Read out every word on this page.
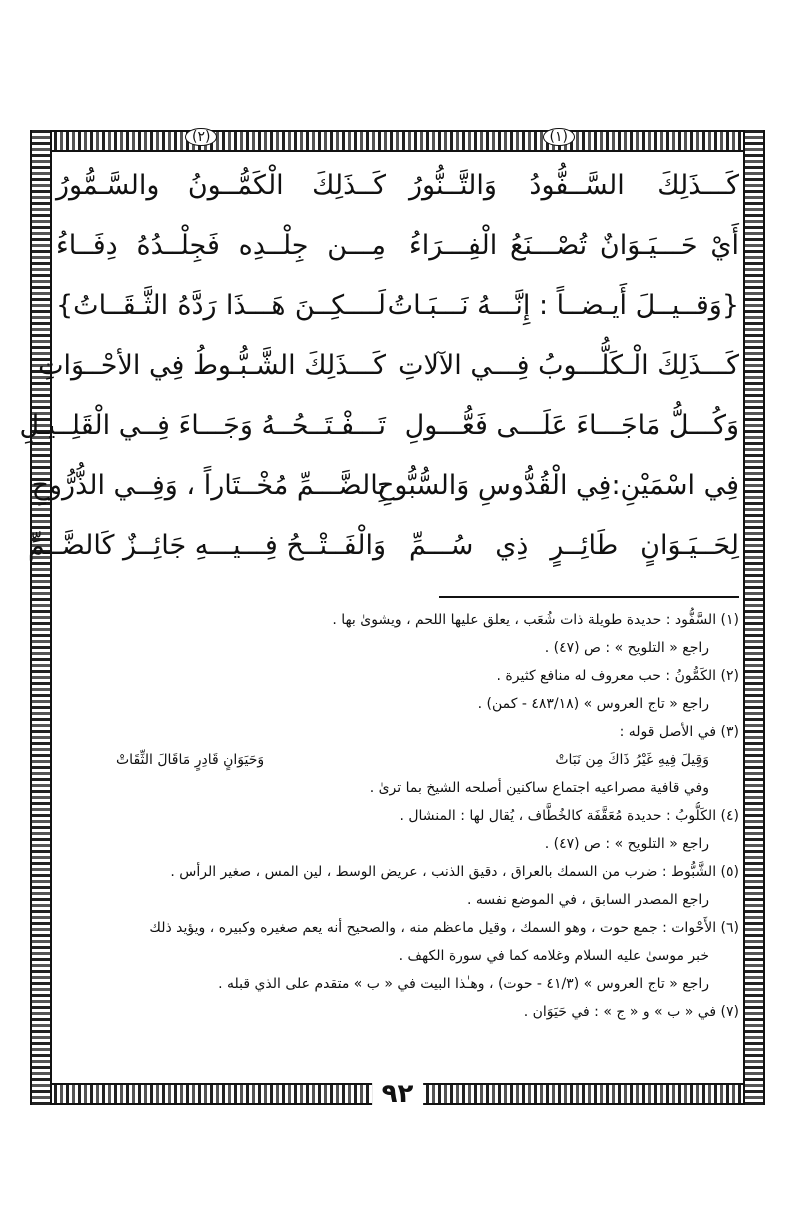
(١)
(٢)
كَـــذَلِكَ السَّــفُّودُ وَالتَّــنُّورُ
كَــذَلِكَ الْكَمُّــونُ والسَّـمُّورُ
أَيْ حَـــيَـوَانٌ تُصْـــنَعُ الْفِـــرَاءُ
مِـــن جِلْــدِه فَجِلْــدُهُ دِفَــاءُ
{وَقــيــلَ أَيـضــاً : إِنَّـــهُ نَـــبَـاتُ
لَــــكِــنَ هَـــذَا رَدَّهُ الثَّـقَــاتُ}
كَـــذَلِكَ الْـكَلُّـــوبُ فِـــي الآلاتِ
كَـــذَلِكَ الشَّـبُّـوطُ فِي الأحْــوَاتِ
وَكُـــلُّ مَاجَـــاءَ عَلَـــى فَعُّـــولِ
تَـــفْـتَــحُــهُ وَجَـــاءَ فِــي الْقَلِــيـلِ
فِي اسْمَيْنِ:فِي الْقُدُّوسِ وَالسُّبُّوحِ
بِالضَّـــمِّ مُخْــتَاراً ، وَفِــي الذُّرُّوحِ
لِحَــيَـوَانٍ طَائِــرٍ ذِي سُـــمِّ
وَالْفَــتْــحُ فِـــيـــهِ جَائِــزٌ كَالضَّــمِّ
(١) السَّفُّود : حديدة طويلة ذات شُعَب ، يعلق عليها اللحم ، ويشوىٰ بها .
راجع « التلويح » : ص (٤٧) .
(٢) الكَمُّونُ : حب معروف له منافع كثيرة .
راجع « تاج العروس » (٤٨٣/١٨ - كمن) .
(٣) في الأصل قوله :
وَقِيلَ فِيهِ غَيْرُ ذَاكَ مِن نَبَاتْ
وَحَيَوَانٍ قَادِرٍ مَاقَالَ الثِّقَاتْ
وفي قافية مصراعيه اجتماع ساكنين أصلحه الشيخ بما ترىٰ .
(٤) الكَلُّوبُ : حديدة مُعَقَّفَة كالخُطَّاف ، يُقال لها : المنشال .
راجع « التلويح » : ص (٤٧) .
(٥) الشَّبُّوط : ضرب من السمك بالعراق ، دقيق الذنب ، عريض الوسط ، لين المس ، صغير الرأس .
راجع المصدر السابق ، في الموضع نفسه .
(٦) الأَحْوات : جمع حوت ، وهو السمك ، وقيل ماعظم منه ، والصحيح أنه يعم صغيره وكبيره ، ويؤيد ذلك
خبر موسىٰ عليه السلام وغلامه كما في سورة الكهف .
راجع « تاج العروس » (٤١/٣ - حوت) ، وهـٰذا البيت في « ب » متقدم على الذي قبله .
(٧) في « ب » و « ج » : في حَيَوَان .
٩٢
